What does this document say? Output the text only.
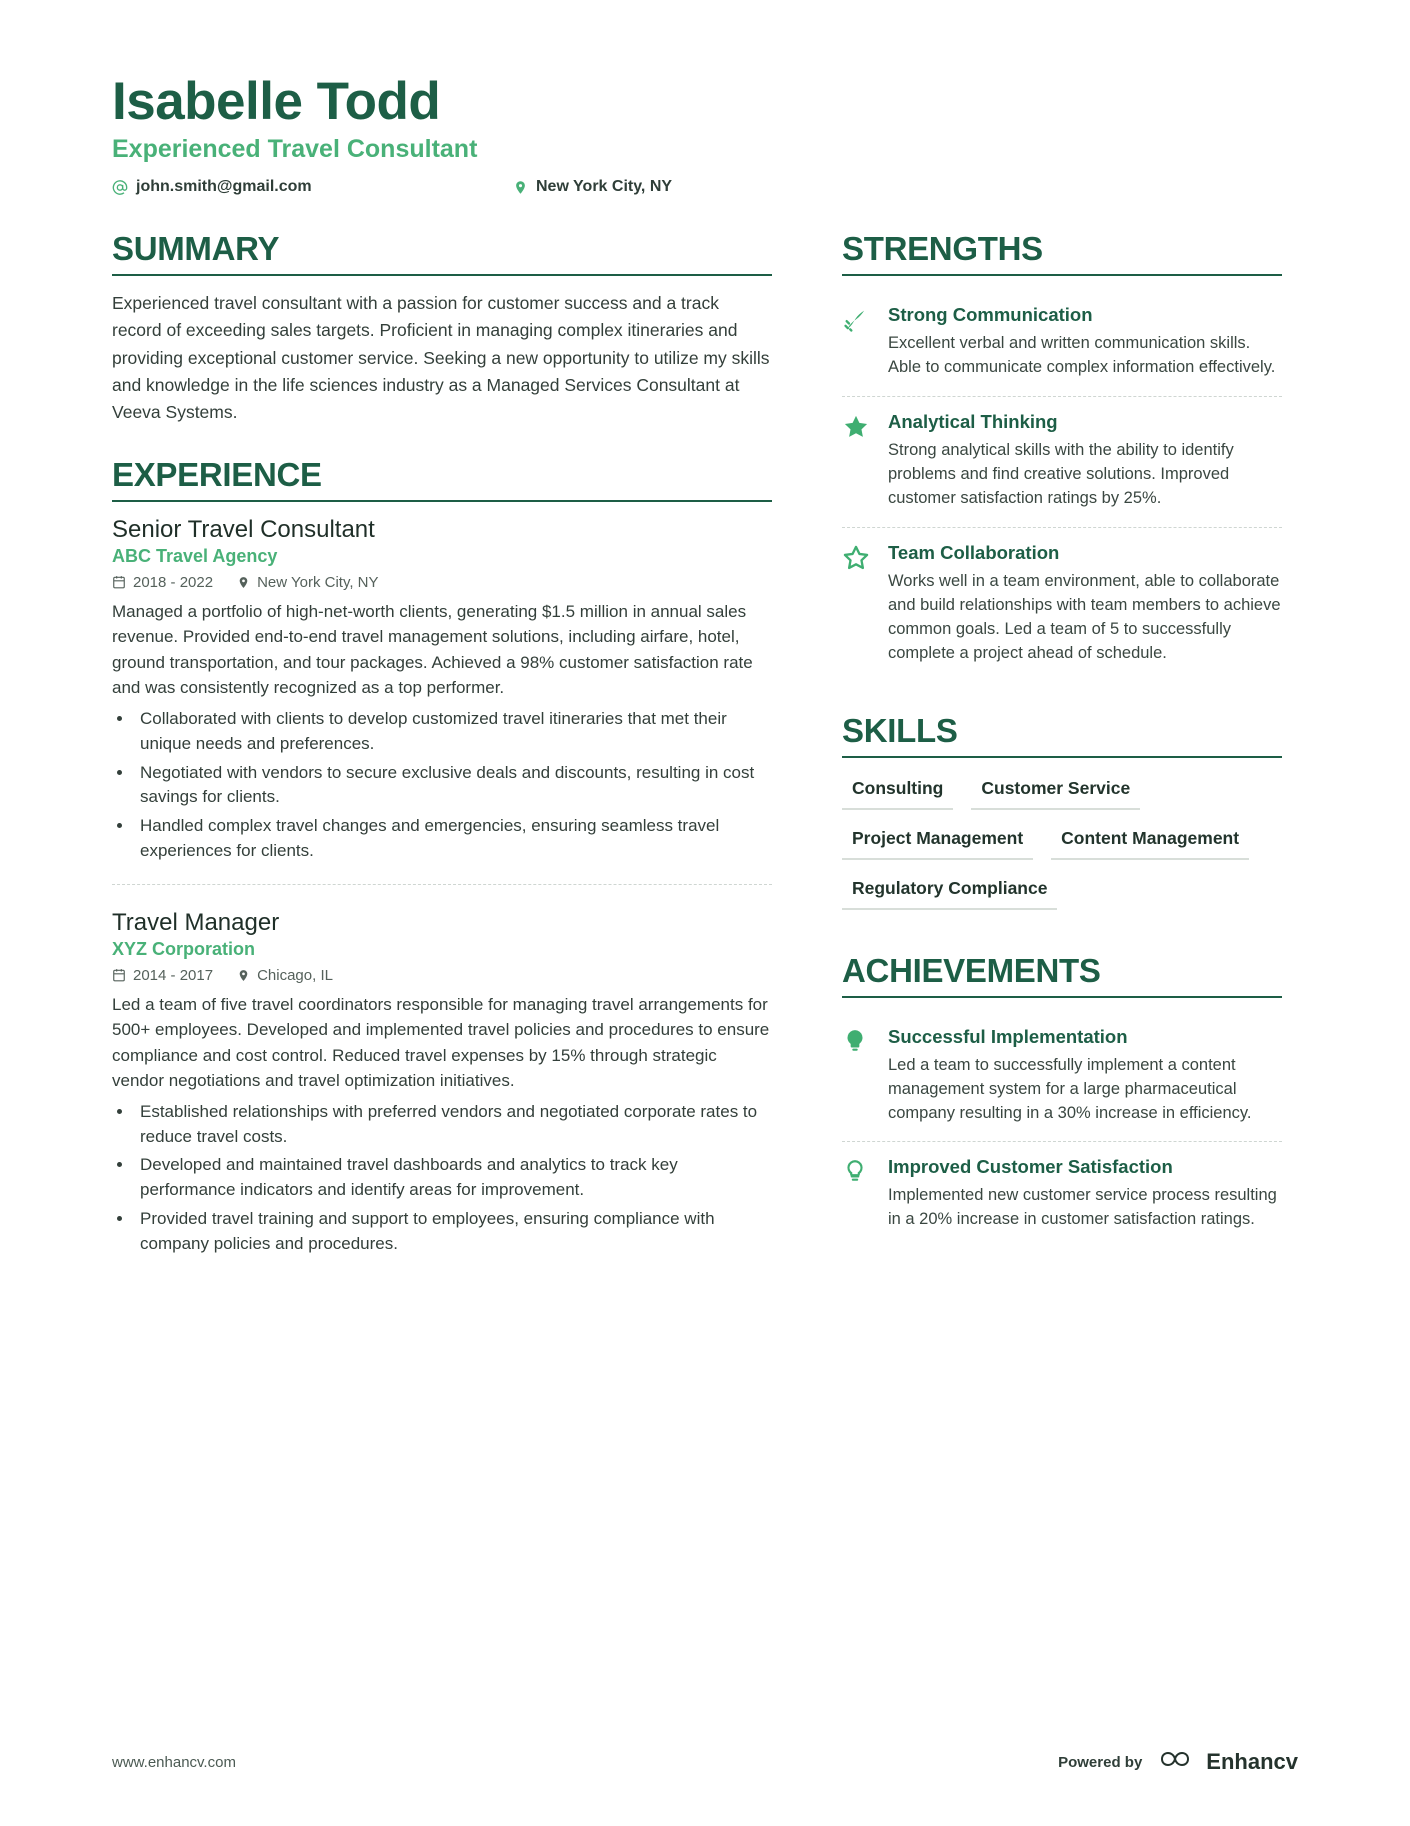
Isabelle Todd
Experienced Travel Consultant
john.smith@gmail.com	New York City, NY
SUMMARY

Experienced travel consultant with a passion for customer success and a track record of exceeding sales targets. Proficient in managing complex itineraries and providing exceptional customer service. Seeking a new opportunity to utilize my skills and knowledge in the life sciences industry as a Managed Services Consultant at Veeva Systems.

EXPERIENCE
Senior Travel Consultant
ABC Travel Agency
2018 - 2022	New York City, NY

Managed a portfolio of high-net-worth clients, generating $1.5 million in annual sales revenue. Provided end-to-end travel management solutions, including airfare, hotel, ground transportation, and tour packages. Achieved a 98% customer satisfaction rate and was consistently recognized as a top performer.

• Collaborated with clients to develop customized travel itineraries that met their unique needs and preferences.
• Negotiated with vendors to secure exclusive deals and discounts, resulting in cost savings for clients.
• Handled complex travel changes and emergencies, ensuring seamless travel experiences for clients.
Travel Manager
XYZ Corporation
2014 - 2017	Chicago, IL

Led a team of five travel coordinators responsible for managing travel arrangements for 500+ employees. Developed and implemented travel policies and procedures to ensure compliance and cost control. Reduced travel expenses by 15% through strategic vendor negotiations and travel optimization initiatives.

• Established relationships with preferred vendors and negotiated corporate rates to reduce travel costs.
• Developed and maintained travel dashboards and analytics to track key performance indicators and identify areas for improvement.
• Provided travel training and support to employees, ensuring compliance with company policies and procedures.
STRENGTHS
Strong Communication

Excellent verbal and written communication skills. Able to communicate complex information effectively.

Analytical Thinking

Strong analytical skills with the ability to identify problems and find creative solutions. Improved customer satisfaction ratings by 25%.

Team Collaboration

Works well in a team environment, able to collaborate and build relationships with team members to achieve common goals. Led a team of 5 to successfully complete a project ahead of schedule.

SKILLS
Consulting	Customer Service
Project Management	Content Management
Regulatory Compliance
ACHIEVEMENTS
Successful Implementation

Led a team to successfully implement a content management system for a large pharmaceutical company resulting in a 30% increase in efficiency.

Improved Customer Satisfaction

Implemented new customer service process resulting in a 20% increase in customer satisfaction ratings.

www.enhancv.com	Powered by	Enhancv
